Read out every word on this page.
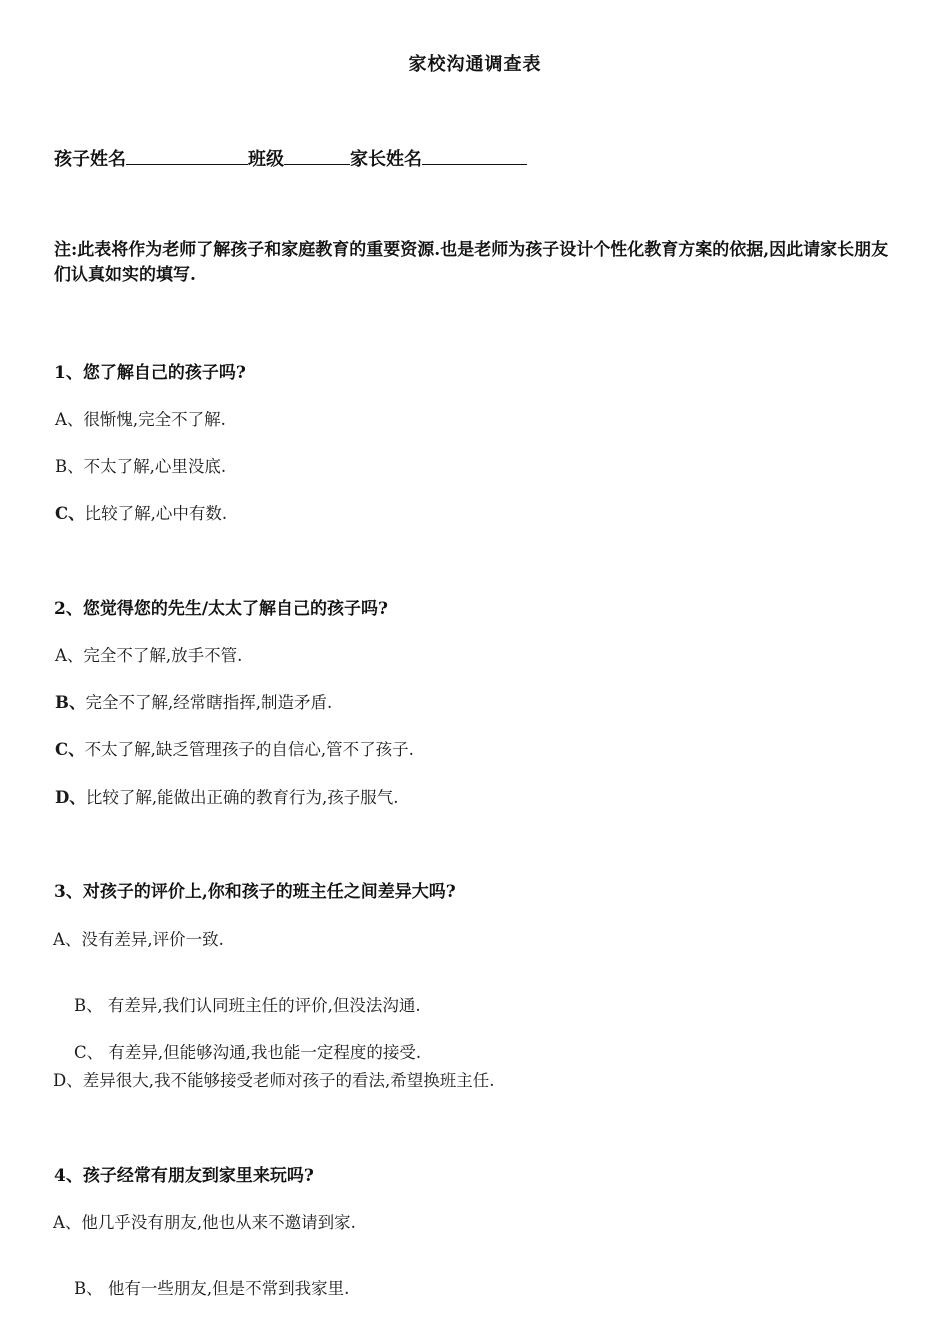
家校沟通调查表
孩子姓名	班级	家长姓名
注:此表将作为老师了解孩子和家庭教育的重要资源.也是老师为孩子设计个性化教育方案的依据,因此请家长朋友们认真如实的填写.
1、您了解自己的孩子吗?
A、很惭愧,完全不了解.
B、不太了解,心里没底.
C、比较了解,心中有数.
2、您觉得您的先生/太太了解自己的孩子吗?
A、完全不了解,放手不管.
B、完全不了解,经常瞎指挥,制造矛盾.
C、不太了解,缺乏管理孩子的自信心,管不了孩子.
D、比较了解,能做出正确的教育行为,孩子服气.
3、对孩子的评价上,你和孩子的班主任之间差异大吗?
A、没有差异,评价一致.

B、 有差异,我们认同班主任的评价,但没法沟通.

C、 有差异,但能够沟通,我也能一定程度的接受.

D、差异很大,我不能够接受老师对孩子的看法,希望换班主任.
4、孩子经常有朋友到家里来玩吗?
A、他几乎没有朋友,他也从来不邀请到家.

B、 他有一些朋友,但是不常到我家里.
